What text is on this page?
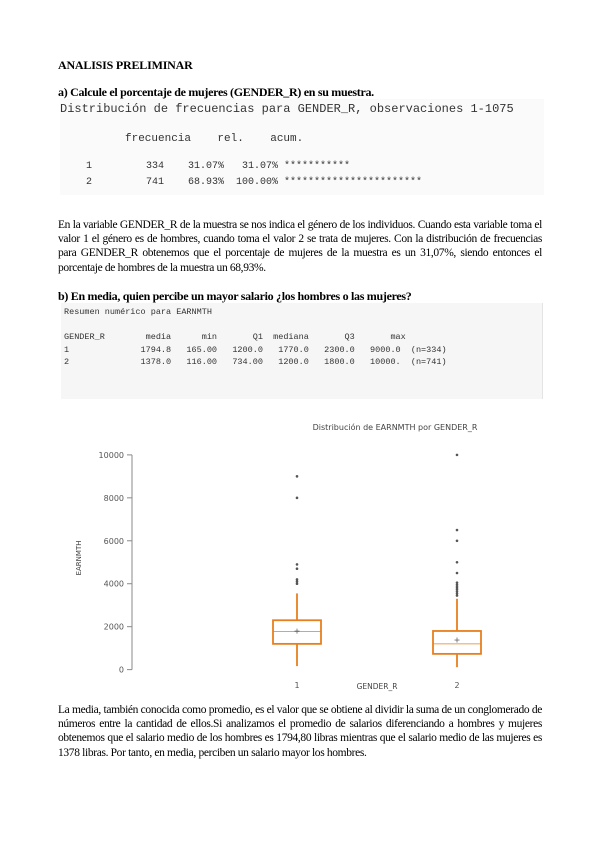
ANALISIS PRELIMINAR
a) Calcule el porcentaje de mujeres (GENDER_R) en su muestra.
Distribución de frecuencias para GENDER_R, observaciones 1-1075
frecuencia    rel.    acum.
1         334    31.07%   31.07% ***********
2         741    68.93%  100.00% ***********************
En la variable GENDER_R de la muestra se nos indica el género de los individuos. Cuando esta variable toma el valor 1 el género es de hombres, cuando toma el valor 2 se trata de mujeres. Con la distribución de frecuencias para GENDER_R obtenemos que el porcentaje de mujeres de la muestra es un 31,07%, siendo entonces el porcentaje de hombres de la muestra un 68,93%.
b) En media, quien percibe un mayor salario ¿los hombres o las mujeres?
Resumen numérico para EARNMTH
GENDER_R        media      min       Q1  mediana       Q3       max
1              1794.8   165.00   1200.0   1770.0   2300.0   9000.0  (n=334)
2              1378.0   116.00   734.00   1200.0   1800.0   10000.  (n=741)
Distribución de EARNMTH por GENDER_R
0
2000
4000
6000
8000
10000
EARNMTH
GENDER_R
1	2
La media, también conocida como promedio, es el valor que se obtiene al dividir la suma de un conglomerado de números entre la cantidad de ellos.Si analizamos el promedio de salarios diferenciando a hombres y mujeres obtenemos que el salario medio de los hombres es 1794,80 libras mientras que el salario medio de las mujeres es 1378 libras. Por tanto, en media, perciben un salario mayor los hombres.
